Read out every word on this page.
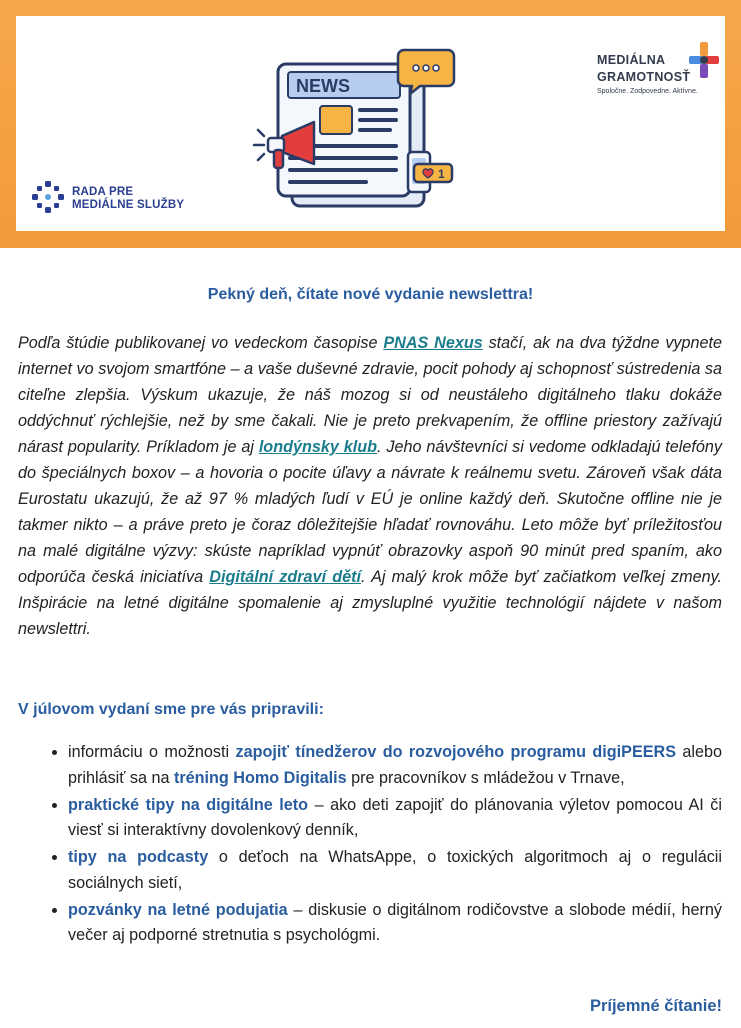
RADA PRE
MEDIÁLNE SLUŽBY
NEWS
1
MEDIÁLNA
GRAMOTNOSŤ
Spoločne. Zodpovedne. Aktívne.
Pekný deň, čítate nové vydanie newslettra!

Podľa štúdie publikovanej vo vedeckom časopise PNAS Nexus stačí, ak na dva týždne vypnete internet vo svojom smartfóne – a vaše duševné zdravie, pocit pohody aj schopnosť sústredenia sa citeľne zlepšia. Výskum ukazuje, že náš mozog si od neustáleho digitálneho tlaku dokáže oddýchnuť rýchlejšie, než by sme čakali. Nie je preto prekvapením, že offline priestory zažívajú nárast popularity. Príkladom je aj londýnsky klub. Jeho návštevníci si vedome odkladajú telefóny do špeciálnych boxov – a hovoria o pocite úľavy a návrate k reálnemu svetu. Zároveň však dáta Eurostatu ukazujú, že až 97 % mladých ľudí v EÚ je online každý deň. Skutočne offline nie je takmer nikto – a práve preto je čoraz dôležitejšie hľadať rovnováhu. Leto môže byť príležitosťou na malé digitálne výzvy: skúste napríklad vypnúť obrazovky aspoň 90 minút pred spaním, ako odporúča česká iniciatíva Digitální zdraví dětí. Aj malý krok môže byť začiatkom veľkej zmeny. Inšpirácie na letné digitálne spomalenie aj zmysluplné využitie technológií nájdete v našom newslettri.

V júlovom vydaní sme pre vás pripravili:
• informáciu o možnosti zapojiť tínedžerov do rozvojového programu digiPEERS alebo prihlásiť sa na tréning Homo Digitalis pre pracovníkov s mládežou v Trnave,
• praktické tipy na digitálne leto – ako deti zapojiť do plánovania výletov pomocou AI či viesť si interaktívny dovolenkový denník,
• tipy na podcasty o deťoch na WhatsAppe, o toxických algoritmoch aj o regulácii sociálnych sietí,
• pozvánky na letné podujatia – diskusie o digitálnom rodičovstve a slobode médií, herný večer aj podporné stretnutia s psychológmi.
Príjemné čítanie!
